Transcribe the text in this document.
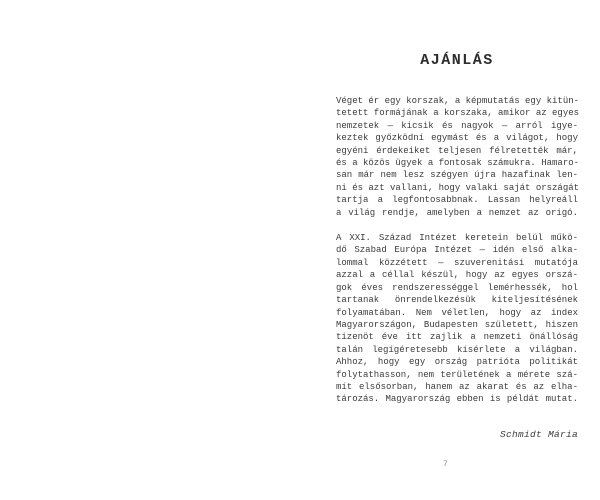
AJÁNLÁS
Véget ér egy korszak, a képmutatás egy kitün-
tetett formájának a korszaka, amikor az egyes
nemzetek — kicsik és nagyok — arról igye-
keztek győzködni egymást és a világot, hogy
egyéni érdekeiket teljesen félretették már,
és a közös ügyek a fontosak számukra. Hamaro-
san már nem lesz szégyen újra hazafinak len-
ni és azt vallani, hogy valaki saját országát
tartja a legfontosabbnak. Lassan helyreáll
a világ rendje, amelyben a nemzet az origó.
A XXI. Század Intézet keretein belül műkö-
dő Szabad Európa Intézet — idén első alka-
lommal közzétett — szuverenitási mutatója
azzal a céllal készül, hogy az egyes orszá-
gok éves rendszerességgel lemérhessék, hol
tartanak önrendelkezésük kiteljesítésének
folyamatában. Nem véletlen, hogy az index
Magyarországon, Budapesten született, hiszen
tizenöt éve itt zajlik a nemzeti önállóság
talán legígéretesebb kísérlete a világban.
Ahhoz, hogy egy ország patrióta politikát
folytathasson, nem területének a mérete szá-
mít elsősorban, hanem az akarat és az elha-
tározás. Magyarország ebben is példát mutat.
Schmidt Mária
7
